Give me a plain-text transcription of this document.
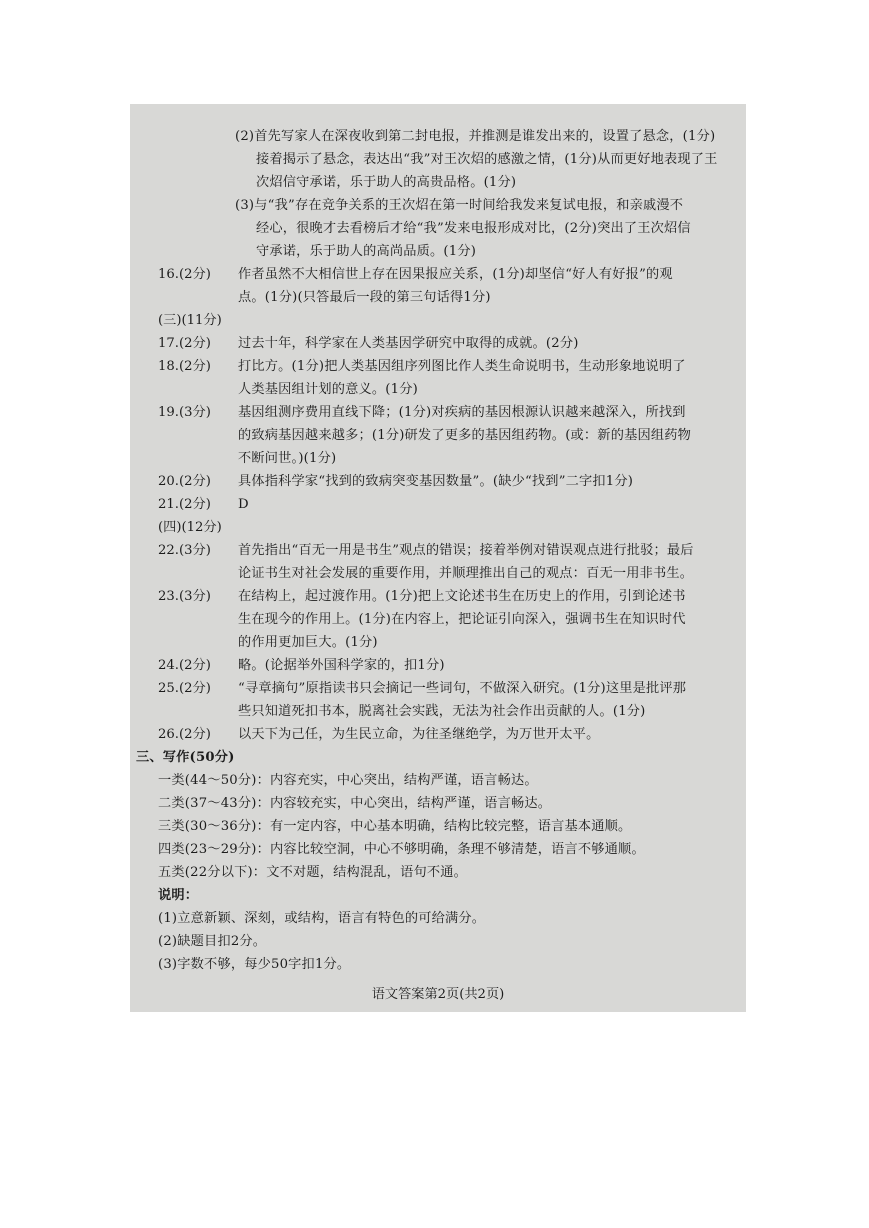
(2)首先写家人在深夜收到第二封电报，并推测是谁发出来的，设置了悬念，(1分)
接着揭示了悬念，表达出“我”对王次炤的感激之情，(1分)从而更好地表现了王
次炤信守承诺，乐于助人的高贵品格。(1分)
(3)与“我”存在竞争关系的王次炤在第一时间给我发来复试电报，和亲戚漫不
经心，很晚才去看榜后才给“我”发来电报形成对比，(2分)突出了王次炤信
守承诺，乐于助人的高尚品质。(1分)
16.(2分) 作者虽然不大相信世上存在因果报应关系，(1分)却坚信“好人有好报”的观
点。(1分)(只答最后一段的第三句话得1分)
(三)(11分)
17.(2分) 过去十年，科学家在人类基因学研究中取得的成就。(2分)
18.(2分) 打比方。(1分)把人类基因组序列图比作人类生命说明书，生动形象地说明了
人类基因组计划的意义。(1分)
19.(3分) 基因组测序费用直线下降；(1分)对疾病的基因根源认识越来越深入，所找到
的致病基因越来越多；(1分)研发了更多的基因组药物。(或：新的基因组药物
不断问世。)(1分)
20.(2分) 具体指科学家“找到的致病突变基因数量”。(缺少“找到”二字扣1分)
21.(2分) D
(四)(12分)
22.(3分) 首先指出“百无一用是书生”观点的错误；接着举例对错误观点进行批驳；最后
论证书生对社会发展的重要作用，并顺理推出自己的观点：百无一用非书生。
23.(3分) 在结构上，起过渡作用。(1分)把上文论述书生在历史上的作用，引到论述书
生在现今的作用上。(1分)在内容上，把论证引向深入，强调书生在知识时代
的作用更加巨大。(1分)
24.(2分) 略。(论据举外国科学家的，扣1分)
25.(2分) “寻章摘句”原指读书只会摘记一些词句，不做深入研究。(1分)这里是批评那
些只知道死扣书本，脱离社会实践，无法为社会作出贡献的人。(1分)
26.(2分) 以天下为己任，为生民立命，为往圣继绝学，为万世开太平。
三、写作(50分)
一类(44～50分)：内容充实，中心突出，结构严谨，语言畅达。
二类(37～43分)：内容较充实，中心突出，结构严谨，语言畅达。
三类(30～36分)：有一定内容，中心基本明确，结构比较完整，语言基本通顺。
四类(23～29分)：内容比较空洞，中心不够明确，条理不够清楚，语言不够通顺。
五类(22分以下)：文不对题，结构混乱，语句不通。
说明：
(1)立意新颖、深刻，或结构，语言有特色的可给满分。
(2)缺题目扣2分。
(3)字数不够，每少50字扣1分。
语文答案第2页(共2页)
